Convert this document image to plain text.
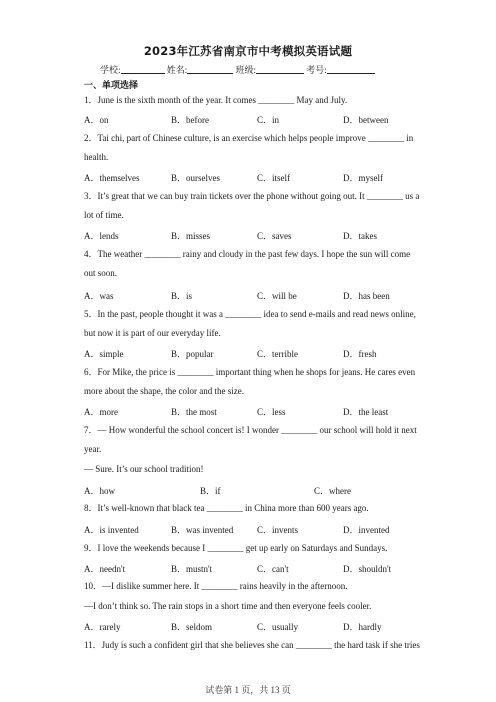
2023年江苏省南京市中考模拟英语试题
学校:	姓名:	班级:	考号:
一、单项选择
1．June is the sixth month of the year. It comes ________ May and July.
A．on	B．before	C．in	D．between
2．Tai chi, part of Chinese culture, is an exercise which helps people improve ________ in
health.
A．themselves	B．ourselves	C．itself	D．myself
3．It’s great that we can buy train tickets over the phone without going out. It ________ us a
lot of time.
A．lends	B．misses	C．saves	D．takes
4．The weather ________ rainy and cloudy in the past few days. I hope the sun will come
out soon.
A．was	B．is	C．will be	D．has been
5．In the past, people thought it was a ________ idea to send e-mails and read news online,
but now it is part of our everyday life.
A．simple	B．popular	C．terrible	D．fresh
6．For Mike, the price is ________ important thing when he shops for jeans. He cares even
more about the shape, the color and the size.
A．more	B．the most	C．less	D．the least
7．— How wonderful the school concert is! I wonder ________ our school will hold it next
year.
— Sure. It’s our school tradition!
A．how	B．if	C．where
8．It’s well-known that black tea ________ in China more than 600 years ago.
A．is invented	B．was invented	C．invents	D．invented
9．I love the weekends because I ________ get up early on Saturdays and Sundays.
A．needn't	B．mustn't	C．can't	D．shouldn't
10．—I dislike summer here. It ________ rains heavily in the afternoon.
—I don’t think so. The rain stops in a short time and then everyone feels cooler.
A．rarely	B．seldom	C．usually	D．hardly
11．Judy is such a confident girl that she believes she can ________ the hard task if she tries
试卷第 1 页，共 13 页
